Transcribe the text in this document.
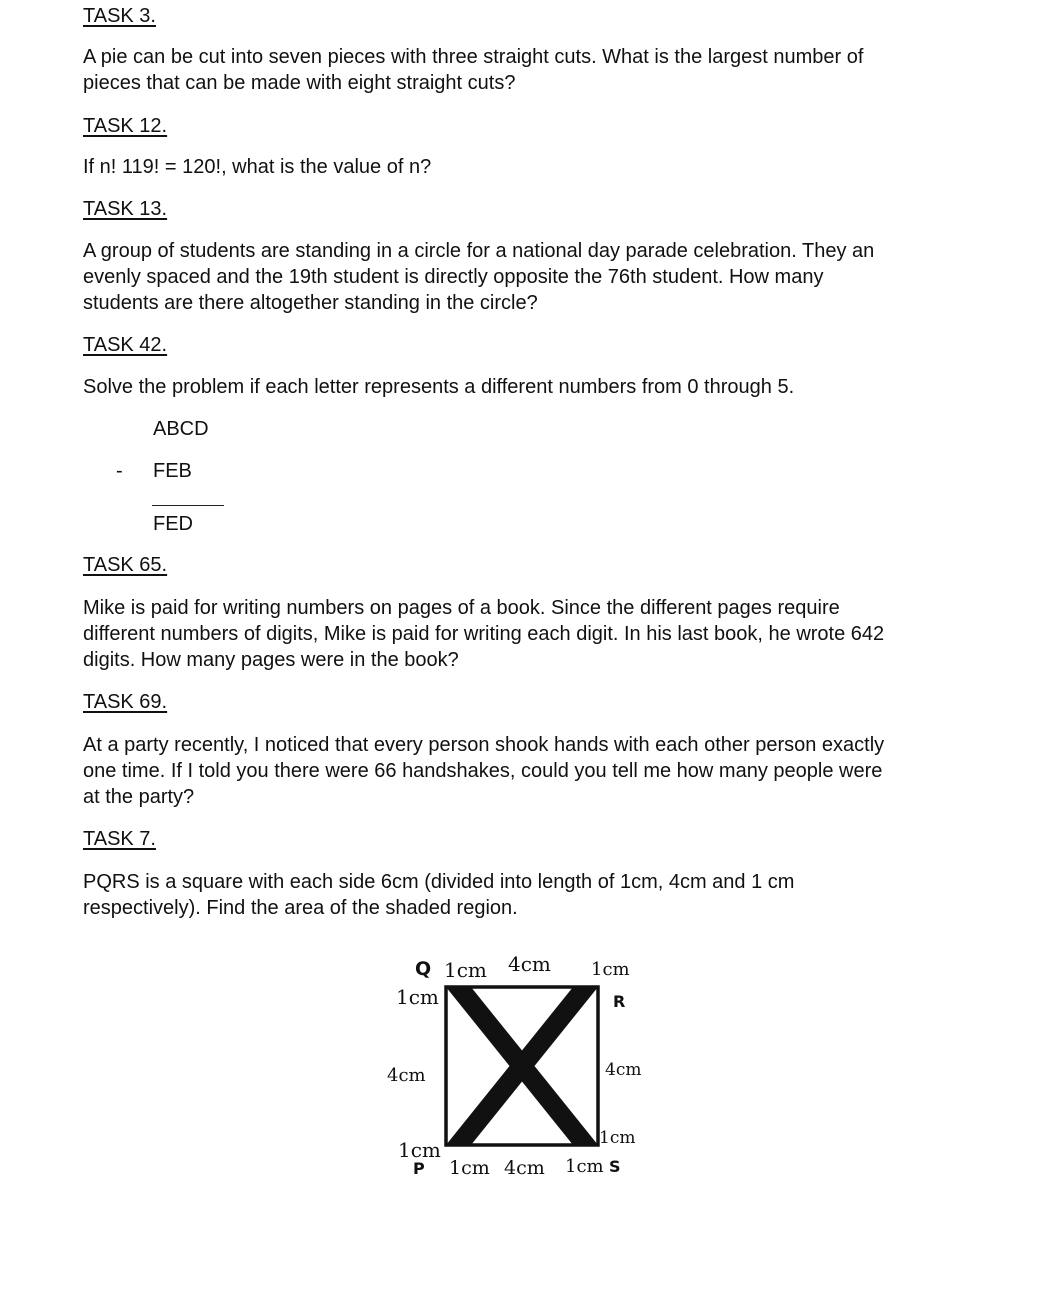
TASK 3.
A pie can be cut into seven pieces with three straight cuts. What is the largest number of
pieces that can be made with eight straight cuts?
TASK 12.
If n! 119! = 120!, what is the value of n?
TASK 13.
A group of students are standing in a circle for a national day parade celebration. They an
evenly spaced and the 19th student is directly opposite the 76th student. How many
students are there altogether standing in the circle?
TASK 42.
Solve the problem if each letter represents a different numbers from 0 through 5.
ABCD
- FEB
FED
TASK 65.
Mike is paid for writing numbers on pages of a book. Since the different pages require
different numbers of digits, Mike is paid for writing each digit. In his last book, he wrote 642
digits. How many pages were in the book?
TASK 69.
At a party recently, I noticed that every person shook hands with each other person exactly
one time. If I told you there were 66 handshakes, could you tell me how many people were
at the party?
TASK 7.
PQRS is a square with each side 6cm (divided into length of 1cm, 4cm and 1 cm
respectively). Find the area of the shaded region.
Q
R
P	S
1cm 4cm 1cm
1cm
4cm
1cm
4cm
1cm
1cm 4cm 1cm
